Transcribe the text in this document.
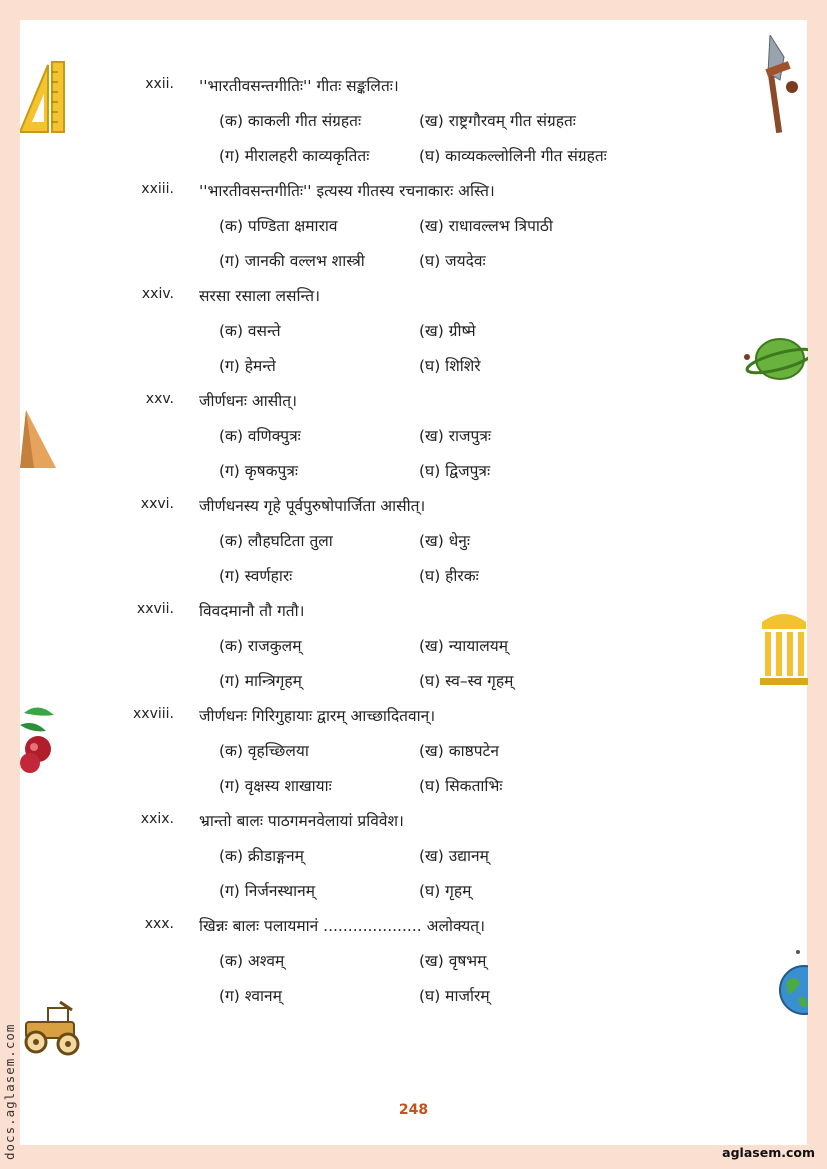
xxii. ''भारतीवसन्तगीतिः'' गीतः सङ्कलितः।
(क) काकली गीत संग्रहतः	(ख) राष्ट्रगौरवम् गीत संग्रहतः
(ग) मीरालहरी काव्यकृतितः	(घ) काव्यकल्लोलिनी गीत संग्रहतः
xxiii. ''भारतीवसन्तगीतिः'' इत्यस्य गीतस्य रचनाकारः अस्ति।
(क) पण्डिता क्षमाराव	(ख) राधावल्लभ त्रिपाठी
(ग) जानकी वल्लभ शास्त्री	(घ) जयदेवः
xxiv. सरसा रसाला लसन्ति।
(क) वसन्ते	(ख) ग्रीष्मे
(ग) हेमन्ते	(घ) शिशिरे
xxv. जीर्णधनः आसीत्।
(क) वणिक्पुत्रः	(ख) राजपुत्रः
(ग) कृषकपुत्रः	(घ) द्विजपुत्रः
xxvi. जीर्णधनस्य गृहे पूर्वपुरुषोपार्जिता आसीत्।
(क) लौहघटिता तुला	(ख) धेनुः
(ग) स्वर्णहारः	(घ) हीरकः
xxvii. विवदमानौ तौ गतौ।
(क) राजकुलम्	(ख) न्यायालयम्
(ग) मान्त्रिगृहम्	(घ) स्व–स्व गृहम्
xxviii. जीर्णधनः गिरिगुहायाः द्वारम् आच्छादितवान्।
(क) वृहच्छिलया	(ख) काष्ठपटेन
(ग) वृक्षस्य शाखायाः	(घ) सिकताभिः
xxix. भ्रान्तो बालः पाठगमनवेलायां प्रविवेश।
(क) क्रीडाङ्गनम्	(ख) उद्यानम्
(ग) निर्जनस्थानम्	(घ) गृहम्
xxx. खिन्नः बालः पलायमानं .................... अलोक्यत्।
(क) अश्वम्	(ख) वृषभम्
(ग) श्वानम्	(घ) मार्जारम्
248
aglasem.com
docs.aglasem.com
